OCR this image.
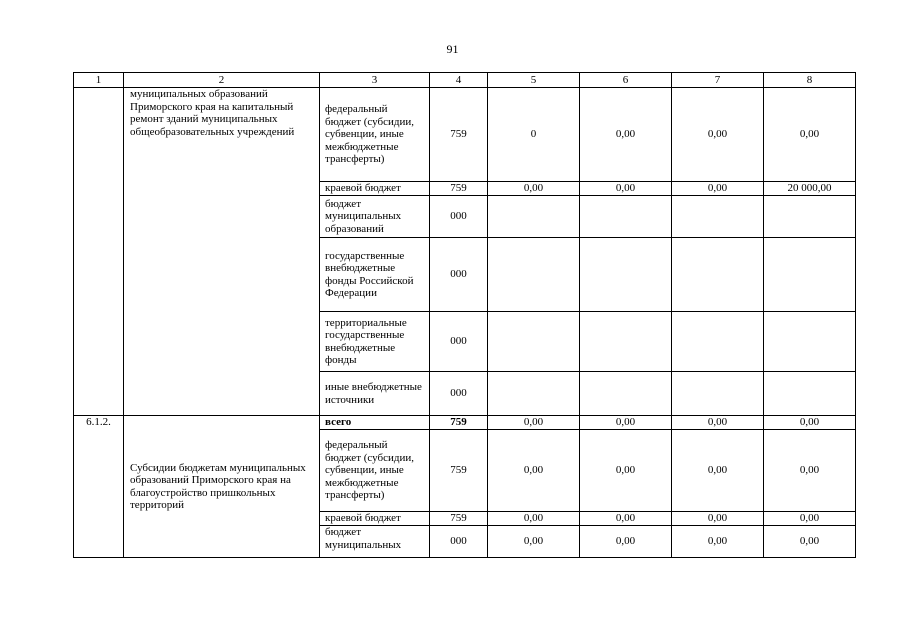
91
1	2	3	4	5	6	7	8
	муниципальных образований Приморского края на капитальный ремонт зданий муниципальных общеобразовательных учреждений	федеральный бюджет (субсидии, субвенции, иные межбюджетные трансферты)	759	0	0,00	0,00	0,00
		краевой бюджет	759	0,00	0,00	0,00	20 000,00
		бюджет муниципальных образований	000				
		государственные внебюджетные фонды Российской Федерации	000				
		территориальные государственные внебюджетные фонды	000				
		иные внебюджетные источники	000				
6.1.2.	Субсидии бюджетам муниципальных образований Приморского края на благоустройство пришкольных территорий	всего	759	0,00	0,00	0,00	0,00
		федеральный бюджет (субсидии, субвенции, иные межбюджетные трансферты)	759	0,00	0,00	0,00	0,00
		краевой бюджет	759	0,00	0,00	0,00	0,00
		бюджет муниципальных	000	0,00	0,00	0,00	0,00
